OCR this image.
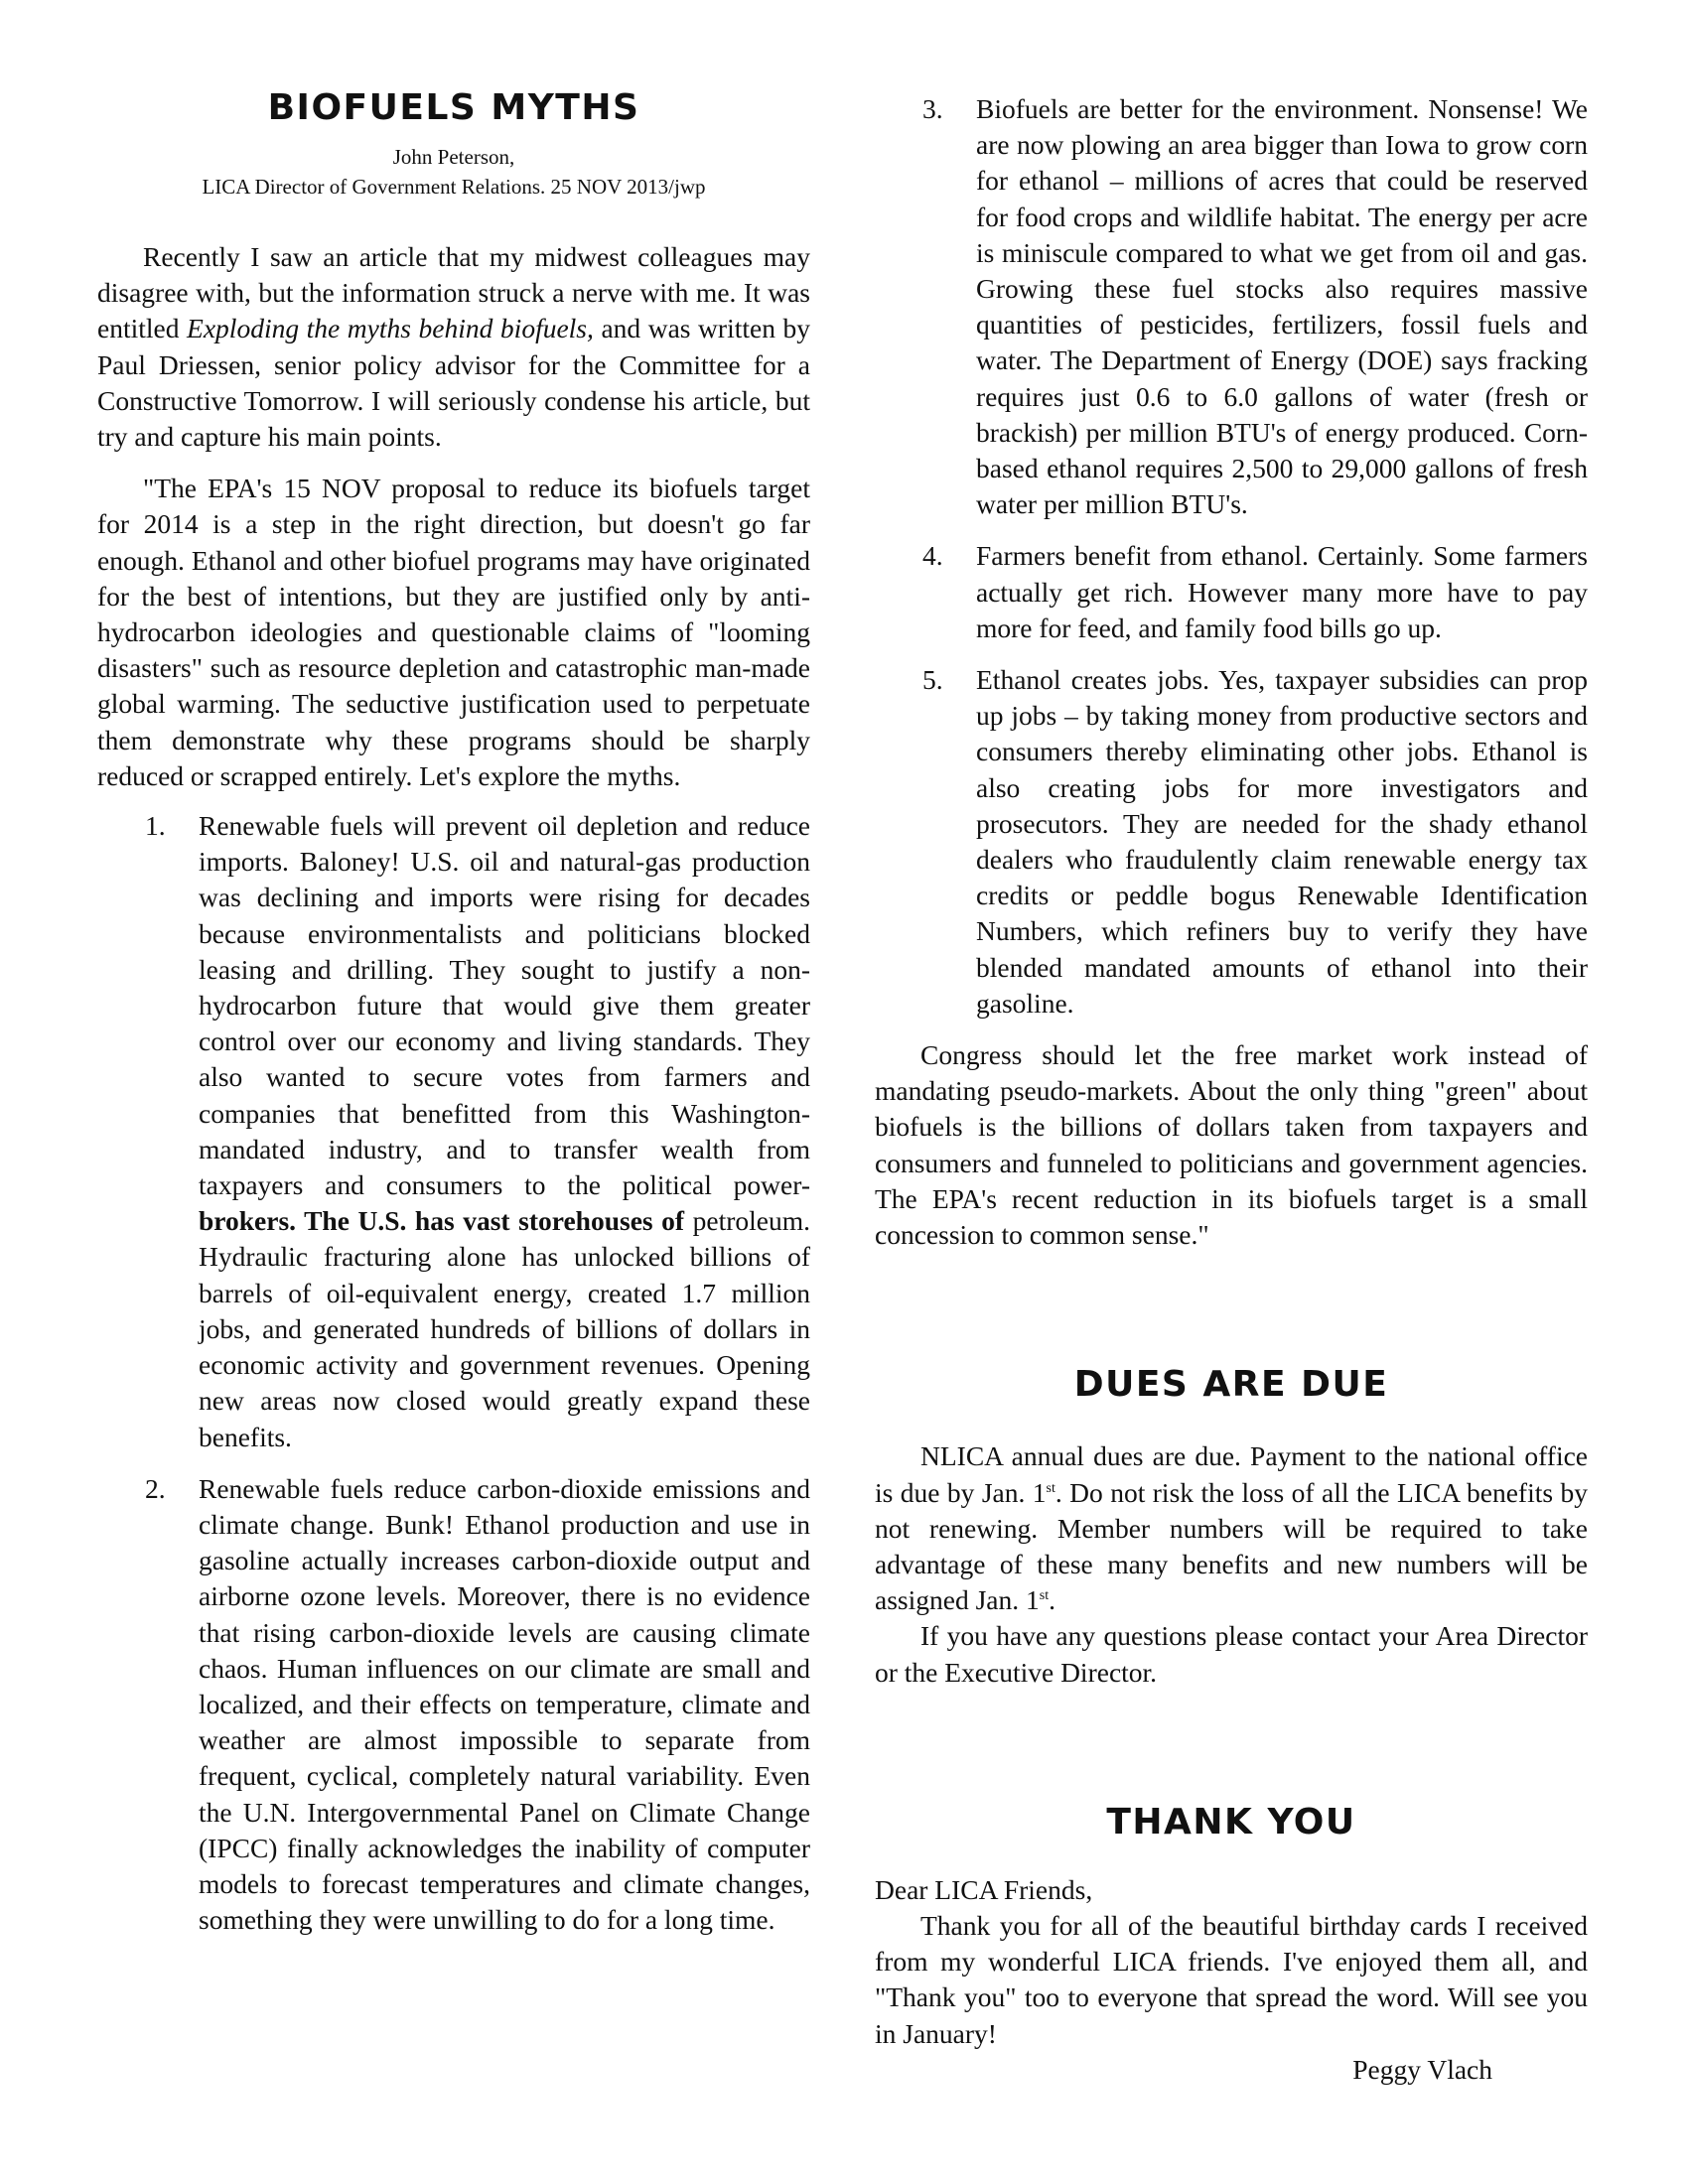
BIOFUELS MYTHS

John Peterson,

LICA Director of Government Relations. 25 NOV 2013/jwp

Recently I saw an article that my midwest colleagues may disagree with, but the information struck a nerve with me. It was entitled Exploding the myths behind biofuels, and was written by Paul Driessen, senior policy advisor for the Committee for a Constructive Tomorrow. I will seriously condense his article, but try and capture his main points.

"The EPA's 15 NOV proposal to reduce its biofuels target for 2014 is a step in the right direction, but doesn't go far enough. Ethanol and other biofuel programs may have originated for the best of intentions, but they are justified only by anti-hydrocarbon ideologies and questionable claims of "looming disasters" such as resource depletion and catastrophic man-made global warming. The seductive justification used to perpetuate them demonstrate why these programs should be sharply reduced or scrapped entirely. Let's explore the myths.

1. Renewable fuels will prevent oil depletion and reduce imports. Baloney! U.S. oil and natural-gas production was declining and imports were rising for decades because environmentalists and politicians blocked leasing and drilling. They sought to justify a non-hydrocarbon future that would give them greater control over our economy and living standards. They also wanted to secure votes from farmers and companies that benefitted from this Washington-mandated industry, and to transfer wealth from taxpayers and consumers to the political power-brokers. The U.S. has vast storehouses of petroleum. Hydraulic fracturing alone has unlocked billions of barrels of oil-equivalent energy, created 1.7 million jobs, and generated hundreds of billions of dollars in economic activity and government revenues. Opening new areas now closed would greatly expand these benefits.
2. Renewable fuels reduce carbon-dioxide emissions and climate change. Bunk! Ethanol production and use in gasoline actually increases carbon-dioxide output and airborne ozone levels. Moreover, there is no evidence that rising carbon-dioxide levels are causing climate chaos. Human influences on our climate are small and localized, and their effects on temperature, climate and weather are almost impossible to separate from frequent, cyclical, completely natural variability. Even the U.N. Intergovernmental Panel on Climate Change (IPCC) finally acknowledges the inability of computer models to forecast temperatures and climate changes, something they were unwilling to do for a long time.
3. Biofuels are better for the environment. Nonsense! We are now plowing an area bigger than Iowa to grow corn for ethanol – millions of acres that could be reserved for food crops and wildlife habitat. The energy per acre is miniscule compared to what we get from oil and gas. Growing these fuel stocks also requires massive quantities of pesticides, fertilizers, fossil fuels and water. The Department of Energy (DOE) says fracking requires just 0.6 to 6.0 gallons of water (fresh or brackish) per million BTU's of energy produced. Corn-based ethanol requires 2,500 to 29,000 gallons of fresh water per million BTU's.
4. Farmers benefit from ethanol. Certainly. Some farmers actually get rich. However many more have to pay more for feed, and family food bills go up.
5. Ethanol creates jobs. Yes, taxpayer subsidies can prop up jobs – by taking money from productive sectors and consumers thereby eliminating other jobs. Ethanol is also creating jobs for more investigators and prosecutors. They are needed for the shady ethanol dealers who fraudulently claim renewable energy tax credits or peddle bogus Renewable Identification Numbers, which refiners buy to verify they have blended mandated amounts of ethanol into their gasoline.

Congress should let the free market work instead of mandating pseudo-markets. About the only thing "green" about biofuels is the billions of dollars taken from taxpayers and consumers and funneled to politicians and government agencies. The EPA's recent reduction in its biofuels target is a small concession to common sense."

DUES ARE DUE

NLICA annual dues are due. Payment to the national office is due by Jan. 1st. Do not risk the loss of all the LICA benefits by not renewing. Member numbers will be required to take advantage of these many benefits and new numbers will be assigned Jan. 1st.

If you have any questions please contact your Area Director or the Executive Director.

THANK YOU

Dear LICA Friends,

Thank you for all of the beautiful birthday cards I received from my wonderful LICA friends. I've enjoyed them all, and "Thank you" too to everyone that spread the word. Will see you in January!

Peggy Vlach
